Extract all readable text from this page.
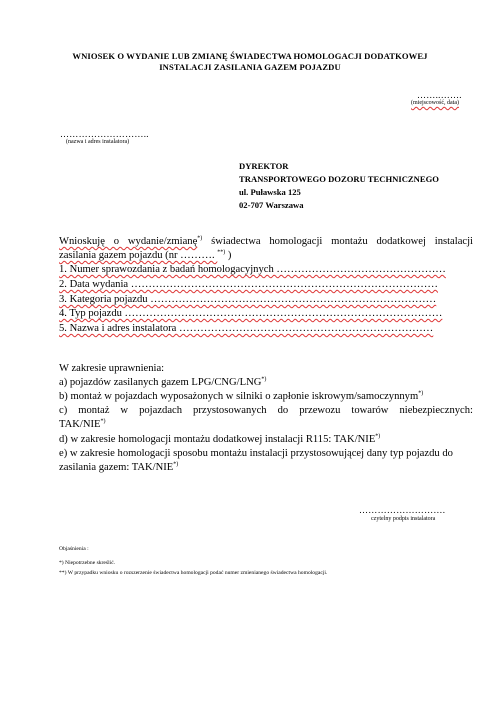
WNIOSEK O WYDANIE LUB ZMIANĘ ŚWIADECTWA HOMOLOGACJI DODATKOWEJ
INSTALACJI ZASILANIA GAZEM POJAZDU
……..…….
(miejscowość, data)
………………………..
(nazwa i adres instalatora)
DYREKTOR
TRANSPORTOWEGO DOZORU TECHNICZNEGO
ul. Puławska 125
02-707 Warszawa
Wnioskuję o wydanie/zmianę*) świadectwa homologacji montażu dodatkowej instalacji
zasilania gazem pojazdu (nr ………. **) )
1. Numer sprawozdania z badań homologacyjnych …………………………………………
2. Data wydania ……………………………………………………………………………
3. Kategoria pojazdu ………………………………………………………………………
4. Typ pojazdu ………………………………………………………………………………
5. Nazwa i adres instalatora ………………………………………………………………
W zakresie uprawnienia:
a) pojazdów zasilanych gazem LPG/CNG/LNG*)
b) montaż w pojazdach wyposażonych w silniki o zapłonie iskrowym/samoczynnym*)
c) montaż w pojazdach przystosowanych do przewozu towarów niebezpiecznych:
TAK/NIE*)
d) w zakresie homologacji montażu dodatkowej instalacji R115: TAK/NIE*)
e) w zakresie homologacji sposobu montażu instalacji przystosowującej dany typ pojazdu do
zasilania gazem: TAK/NIE*)
……………………….
czytelny podpis instalatora
Objaśnienia :
*) Niepotrzebne skreślić.
**) W przypadku wniosku o rozszerzenie świadectwa homologacji podać numer zmienianego świadectwa homologacji.
